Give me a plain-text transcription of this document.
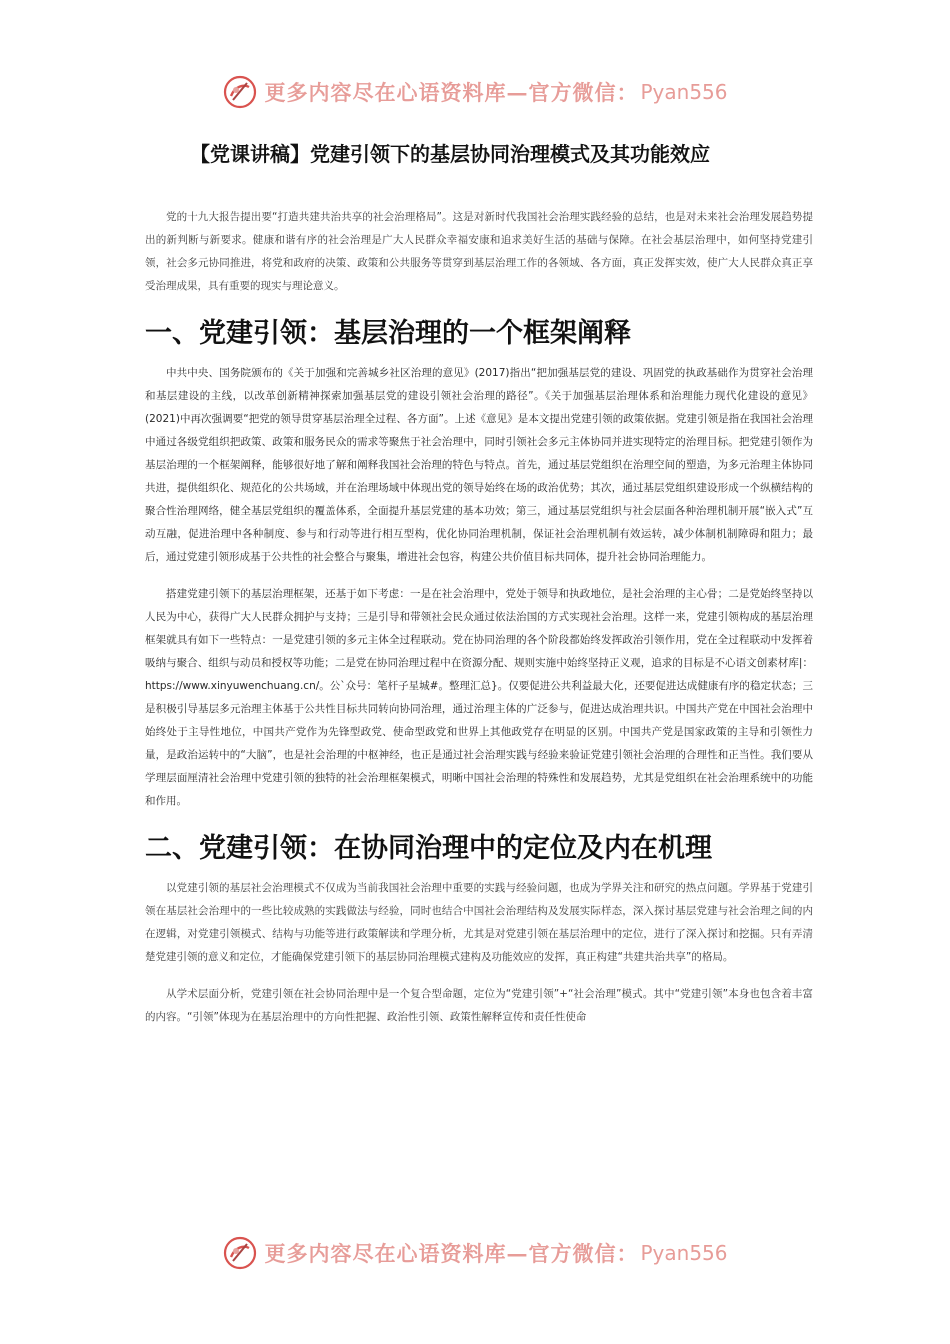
更多内容尽在心语资料库—官方微信： Pyan556
【党课讲稿】党建引领下的基层协同治理模式及其功能效应

党的十九大报告提出要“打造共建共治共享的社会治理格局”。这是对新时代我国社会治理实践经验的总结，也是对未来社会治理发展趋势提出的新判断与新要求。健康和谐有序的社会治理是广大人民群众幸福安康和追求美好生活的基础与保障。在社会基层治理中，如何坚持党建引领，社会多元协同推进，将党和政府的决策、政策和公共服务等贯穿到基层治理工作的各领域、各方面，真正发挥实效，使广大人民群众真正享受治理成果，具有重要的现实与理论意义。

一、党建引领：基层治理的一个框架阐释

中共中央、国务院颁布的《关于加强和完善城乡社区治理的意见》(2017)指出“把加强基层党的建设、巩固党的执政基础作为贯穿社会治理和基层建设的主线，以改革创新精神探索加强基层党的建设引领社会治理的路径”。《关于加强基层治理体系和治理能力现代化建设的意见》(2021)中再次强调要“把党的领导贯穿基层治理全过程、各方面”。上述《意见》是本文提出党建引领的政策依据。党建引领是指在我国社会治理中通过各级党组织把政策、政策和服务民众的需求等聚焦于社会治理中，同时引领社会多元主体协同并进实现特定的治理目标。把党建引领作为基层治理的一个框架阐释，能够很好地了解和阐释我国社会治理的特色与特点。首先，通过基层党组织在治理空间的塑造，为多元治理主体协同共进，提供组织化、规范化的公共场域，并在治理场域中体现出党的领导始终在场的政治优势；其次，通过基层党组织建设形成一个纵横结构的聚合性治理网络，健全基层党组织的覆盖体系，全面提升基层党建的基本功效；第三，通过基层党组织与社会层面各种治理机制开展“嵌入式”互动互融，促进治理中各种制度、参与和行动等进行相互型构，优化协同治理机制，保证社会治理机制有效运转，减少体制机制障碍和阻力；最后，通过党建引领形成基于公共性的社会整合与聚集，增进社会包容，构建公共价值目标共同体，提升社会协同治理能力。

搭建党建引领下的基层治理框架，还基于如下考虑：一是在社会治理中，党处于领导和执政地位，是社会治理的主心骨；二是党始终坚持以人民为中心，获得广大人民群众拥护与支持；三是引导和带领社会民众通过依法治国的方式实现社会治理。这样一来，党建引领构成的基层治理框架就具有如下一些特点：一是党建引领的多元主体全过程联动。党在协同治理的各个阶段都始终发挥政治引领作用，党在全过程联动中发挥着吸纳与聚合、组织与动员和授权等功能；二是党在协同治理过程中在资源分配、规则实施中始终坚持正义观，追求的目标是不心语文创素材库|：https://www.xinyuwenchuang.cn/。公`众号：笔杆子星城#。整理汇总}。仅要促进公共利益最大化，还要促进达成健康有序的稳定状态；三是积极引导基层多元治理主体基于公共性目标共同转向协同治理，通过治理主体的广泛参与，促进达成治理共识。中国共产党在中国社会治理中始终处于主导性地位，中国共产党作为先锋型政党、使命型政党和世界上其他政党存在明显的区别。中国共产党是国家政策的主导和引领性力量，是政治运转中的“大脑”，也是社会治理的中枢神经，也正是通过社会治理实践与经验来验证党建引领社会治理的合理性和正当性。我们要从学理层面厘清社会治理中党建引领的独特的社会治理框架模式，明晰中国社会治理的特殊性和发展趋势，尤其是党组织在社会治理系统中的功能和作用。

二、党建引领：在协同治理中的定位及内在机理

以党建引领的基层社会治理模式不仅成为当前我国社会治理中重要的实践与经验问题，也成为学界关注和研究的热点问题。学界基于党建引领在基层社会治理中的一些比较成熟的实践做法与经验，同时也结合中国社会治理结构及发展实际样态，深入探讨基层党建与社会治理之间的内在逻辑，对党建引领模式、结构与功能等进行政策解读和学理分析，尤其是对党建引领在基层治理中的定位，进行了深入探讨和挖掘。只有弄清楚党建引领的意义和定位，才能确保党建引领下的基层协同治理模式建构及功能效应的发挥，真正构建“共建共治共享”的格局。

从学术层面分析，党建引领在社会协同治理中是一个复合型命题，定位为“党建引领”+“社会治理”模式。其中“党建引领”本身也包含着丰富的内容。“引领”体现为在基层治理中的方向性把握、政治性引领、政策性解释宣传和责任性使命

更多内容尽在心语资料库—官方微信： Pyan556
